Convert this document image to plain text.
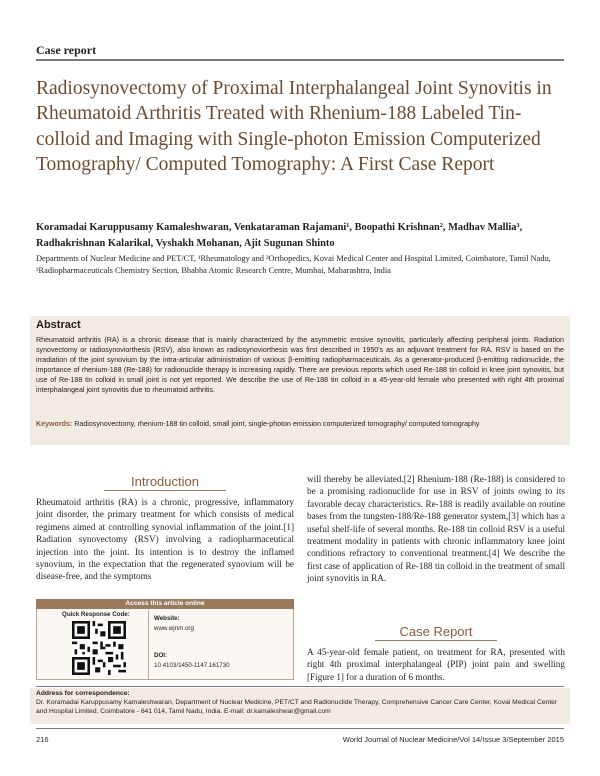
Case report
Radiosynovectomy of Proximal Interphalangeal Joint Synovitis in Rheumatoid Arthritis Treated with Rhenium-188 Labeled Tin-colloid and Imaging with Single-photon Emission Computerized Tomography/ Computed Tomography: A First Case Report
Koramadai Karuppusamy Kamaleshwaran, Venkataraman Rajamani¹, Boopathi Krishnan², Madhav Mallia³, Radhakrishnan Kalarikal, Vyshakh Mohanan, Ajit Sugunan Shinto
Departments of Nuclear Medicine and PET/CT, ¹Rheumatology and ²Orthopedics, Kovai Medical Center and Hospital Limited, Coimbatore, Tamil Nadu, ³Radiopharmaceuticals Chemistry Section, Bhabha Atomic Research Centre, Mumbai, Maharashtra, India
Abstract
Rheumatoid arthritis (RA) is a chronic disease that is mainly characterized by the asymmetric erosive synovitis, particularly affecting peripheral joints. Radiation synovectomy or radiosynoviorthesis (RSV), also known as radiosynoviorthesis was first described in 1950's as an adjuvant treatment for RA. RSV is based on the irradiation of the joint synovium by the intra-articular administration of various β-emitting radiopharmaceuticals. As a generator-produced β-emitting radionuclide, the importance of rhenium-188 (Re-188) for radionuclide therapy is increasing rapidly. There are previous reports which used Re-188 tin colloid in knee joint synovitis, but use of Re-188 tin colloid in small joint is not yet reported. We describe the use of Re-188 tin colloid in a 45-year-old female who presented with right 4th proximal interphalangeal joint synovitis due to rheumatoid arthritis.
Keywords: Radiosynovectomy, rhenium-188 tin colloid, small joint, single-photon emission computerized tomography/ computed tomography
Introduction
Rheumatoid arthritis (RA) is a chronic, progressive, inflammatory joint disorder, the primary treatment for which consists of medical regimens aimed at controlling synovial inflammation of the joint.[1] Radiation synovectomy (RSV) involving a radiopharmaceutical injection into the joint. Its intention is to destroy the inflamed synovium, in the expectation that the regenerated synovium will be disease-free, and the symptoms
Access this article online
Quick Response Code:
Website:
www.wjnm.org
DOI:
10.4103/1450-1147.161730
will thereby be alleviated.[2] Rhenium-188 (Re-188) is considered to be a promising radionuclide for use in RSV of joints owing to its favorable decay characteristics. Re-188 is readily available on routine bases from the tungsten-188/Re-188 generator system,[3] which has a useful shelf-life of several months. Re-188 tin colloid RSV is a useful treatment modality in patients with chronic inflammatory knee joint conditions refractory to conventional treatment.[4] We describe the first case of application of Re-188 tin colloid in the treatment of small joint synovitis in RA.
Case Report
A 45-year-old female patient, on treatment for RA, presented with right 4th proximal interphalangeal (PIP) joint pain and swelling [Figure 1] for a duration of 6 months.
Address for correspondence:
Dr. Koramadai Karuppusamy Kamaleshwaran, Department of Nuclear Medicine, PET/CT and Radionuclide Therapy, Comprehensive Cancer Care Center, Kovai Medical Center and Hospital Limited, Coimbatore - 641 014, Tamil Nadu, India. E-mail: dr.kamaleshwar@gmail.com
216	World Journal of Nuclear Medicine/Vol 14/Issue 3/September 2015
